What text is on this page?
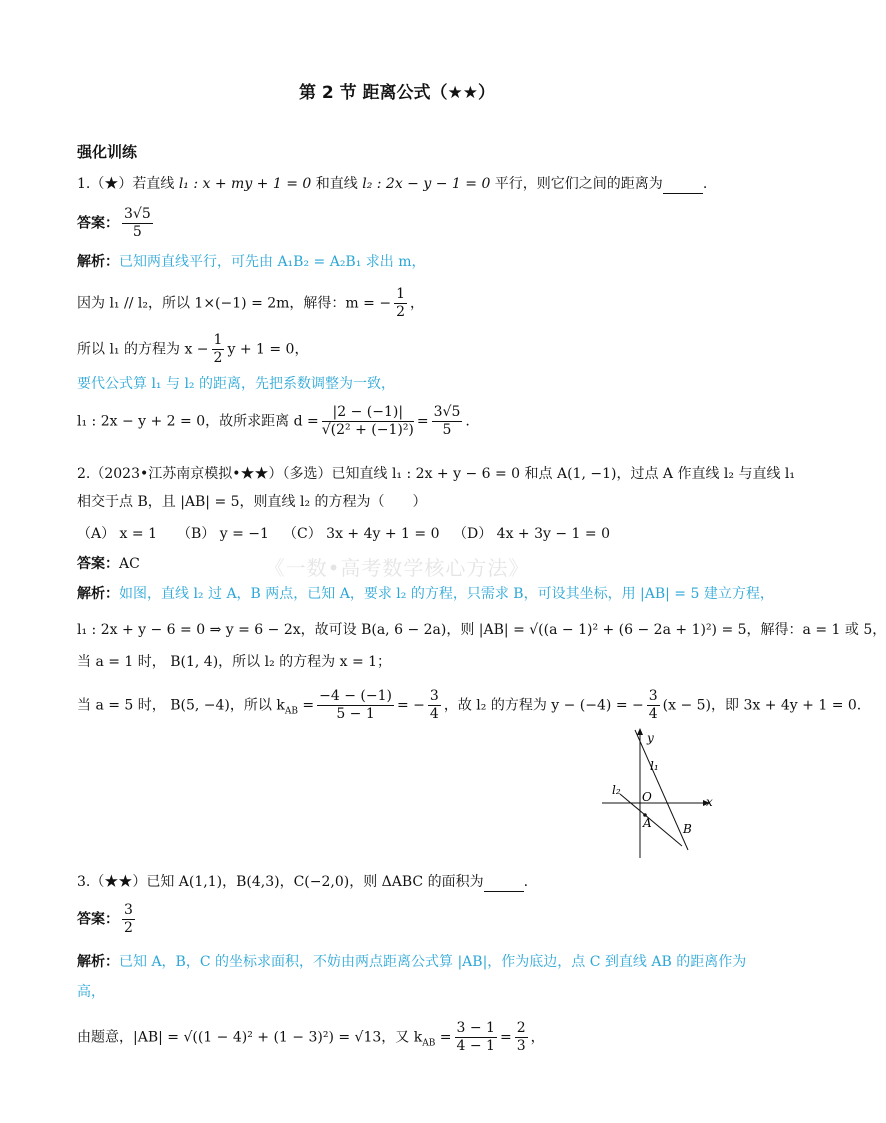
第 2 节 距离公式（★★）
《一数•高考数学核心方法》
强化训练
1.（★）若直线 l₁ : x + my + 1 = 0 和直线 l₂ : 2x − y − 1 = 0 平行，则它们之间的距离为	.
答案： $\frac{3√5}{5}$
解析：已知两直线平行，可先由 A₁B₂ = A₂B₁ 求出 m，
因为 l₁ // l₂，所以 1×(−1) = 2m，解得：m = − $\frac{1}{2}$ ，
所以 l₁ 的方程为 $x - \frac{1}{2}$ y + 1 = 0，
要代公式算 l₁ 与 l₂ 的距离，先把系数调整为一致，
l₁ : 2x − y + 2 = 0，故所求距离 $d = \frac{|2 - (-1)|}{\text{√(2² + (−1)²)}} = \frac{3√5}{5}$ .
2.（2023•江苏南京模拟•★★）（多选）已知直线 l₁ : 2x + y − 6 = 0 和点 A(1, −1)，过点 A 作直线 l₂ 与直线 l₁
相交于点 B，且 |AB| = 5，则直线 l₂ 的方程为（　　）
（A） x = 1 （B） y = −1 （C） 3x + 4y + 1 = 0 （D） 4x + 3y − 1 = 0
答案：AC
解析：如图，直线 l₂ 过 A，B 两点，已知 A，要求 l₂ 的方程，只需求 B，可设其坐标，用 |AB| = 5 建立方程，
l₁ : 2x + y − 6 = 0 ⇒ y = 6 − 2x，故可设 B(a, 6 − 2a)，则 |AB| = √((a − 1)² + (6 − 2a + 1)²) = 5，解得：a = 1 或 5，
当 a = 1 时， B(1, 4)，所以 l₂ 的方程为 x = 1；
当 a = 5 时， B(5, −4)，所以 $k_{AB} = \frac{-4 - (-1)}{5 - 1}$ = − $\frac{3}{4}$ ，故 l₂ 的方程为 y − (−4) = − $\frac{3}{4} (x - 5)$，即 3x + 4y + 1 = 0.
y
x
l₁
l₂ O
A	B
3.（★★）已知 A(1,1)，B(4,3)，C(−2,0)，则 ΔABC 的面积为	.
答案： $\frac{3}{2}$
解析：已知 A，B，C 的坐标求面积，不妨由两点距离公式算 |AB|，作为底边，点 C 到直线 AB 的距离作为
高，
由题意，|AB| = √((1 − 4)² + (1 − 3)²) = √13，又 $k_{AB} = \frac{3 - 1}{4 - 1} = \frac{2}{3}$ ，
